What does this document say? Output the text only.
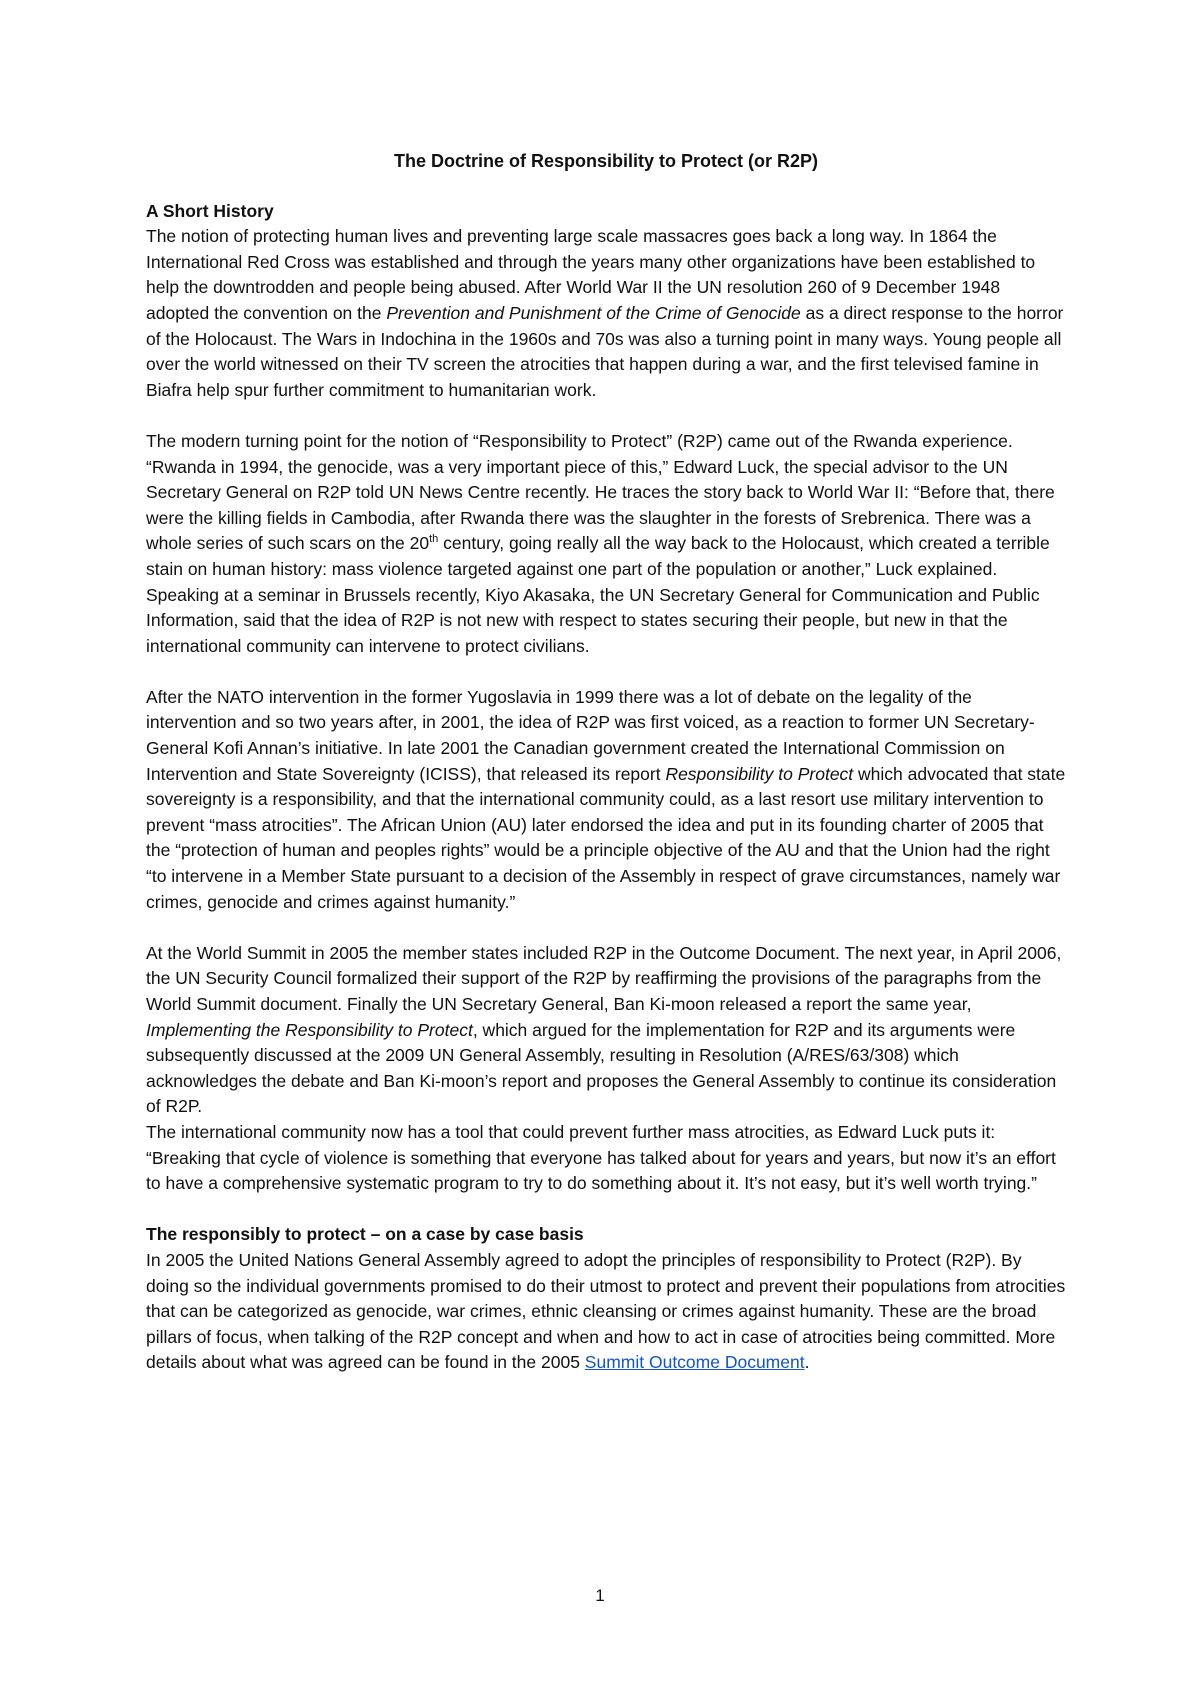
The Doctrine of Responsibility to Protect (or R2P)
A Short History

The notion of protecting human lives and preventing large scale massacres goes back a long way. In 1864 the International Red Cross was established and through the years many other organizations have been established to help the downtrodden and people being abused. After World War II the UN resolution 260 of 9 December 1948 adopted the convention on the Prevention and Punishment of the Crime of Genocide as a direct response to the horror of the Holocaust. The Wars in Indochina in the 1960s and 70s was also a turning point in many ways. Young people all over the world witnessed on their TV screen the atrocities that happen during a war, and the first televised famine in Biafra help spur further commitment to humanitarian work.

The modern turning point for the notion of “Responsibility to Protect” (R2P) came out of the Rwanda experience. “Rwanda in 1994, the genocide, was a very important piece of this,” Edward Luck, the special advisor to the UN Secretary General on R2P told UN News Centre recently. He traces the story back to World War II: “Before that, there were the killing fields in Cambodia, after Rwanda there was the slaughter in the forests of Srebrenica. There was a whole series of such scars on the 20th century, going really all the way back to the Holocaust, which created a terrible stain on human history: mass violence targeted against one part of the population or another,” Luck explained.

Speaking at a seminar in Brussels recently, Kiyo Akasaka, the UN Secretary General for Communication and Public Information, said that the idea of R2P is not new with respect to states securing their people, but new in that the international community can intervene to protect civilians.

After the NATO intervention in the former Yugoslavia in 1999 there was a lot of debate on the legality of the intervention and so two years after, in 2001, the idea of R2P was first voiced, as a reaction to former UN Secretary-General Kofi Annan’s initiative. In late 2001 the Canadian government created the International Commission on Intervention and State Sovereignty (ICISS), that released its report Responsibility to Protect which advocated that state sovereignty is a responsibility, and that the international community could, as a last resort use military intervention to prevent “mass atrocities”. The African Union (AU) later endorsed the idea and put in its founding charter of 2005 that the “protection of human and peoples rights” would be a principle objective of the AU and that the Union had the right “to intervene in a Member State pursuant to a decision of the Assembly in respect of grave circumstances, namely war crimes, genocide and crimes against humanity.”

At the World Summit in 2005 the member states included R2P in the Outcome Document. The next year, in April 2006, the UN Security Council formalized their support of the R2P by reaffirming the provisions of the paragraphs from the World Summit document. Finally the UN Secretary General, Ban Ki-moon released a report the same year, Implementing the Responsibility to Protect, which argued for the implementation for R2P and its arguments were subsequently discussed at the 2009 UN General Assembly, resulting in Resolution (A/RES/63/308) which acknowledges the debate and Ban Ki-moon’s report and proposes the General Assembly to continue its consideration of R2P.

The international community now has a tool that could prevent further mass atrocities, as Edward Luck puts it: “Breaking that cycle of violence is something that everyone has talked about for years and years, but now it’s an effort to have a comprehensive systematic program to try to do something about it. It’s not easy, but it’s well worth trying.”

The responsibly to protect – on a case by case basis

In 2005 the United Nations General Assembly agreed to adopt the principles of responsibility to Protect (R2P). By doing so the individual governments promised to do their utmost to protect and prevent their populations from atrocities that can be categorized as genocide, war crimes, ethnic cleansing or crimes against humanity. These are the broad pillars of focus, when talking of the R2P concept and when and how to act in case of atrocities being committed. More details about what was agreed can be found in the 2005 Summit Outcome Document.

1
